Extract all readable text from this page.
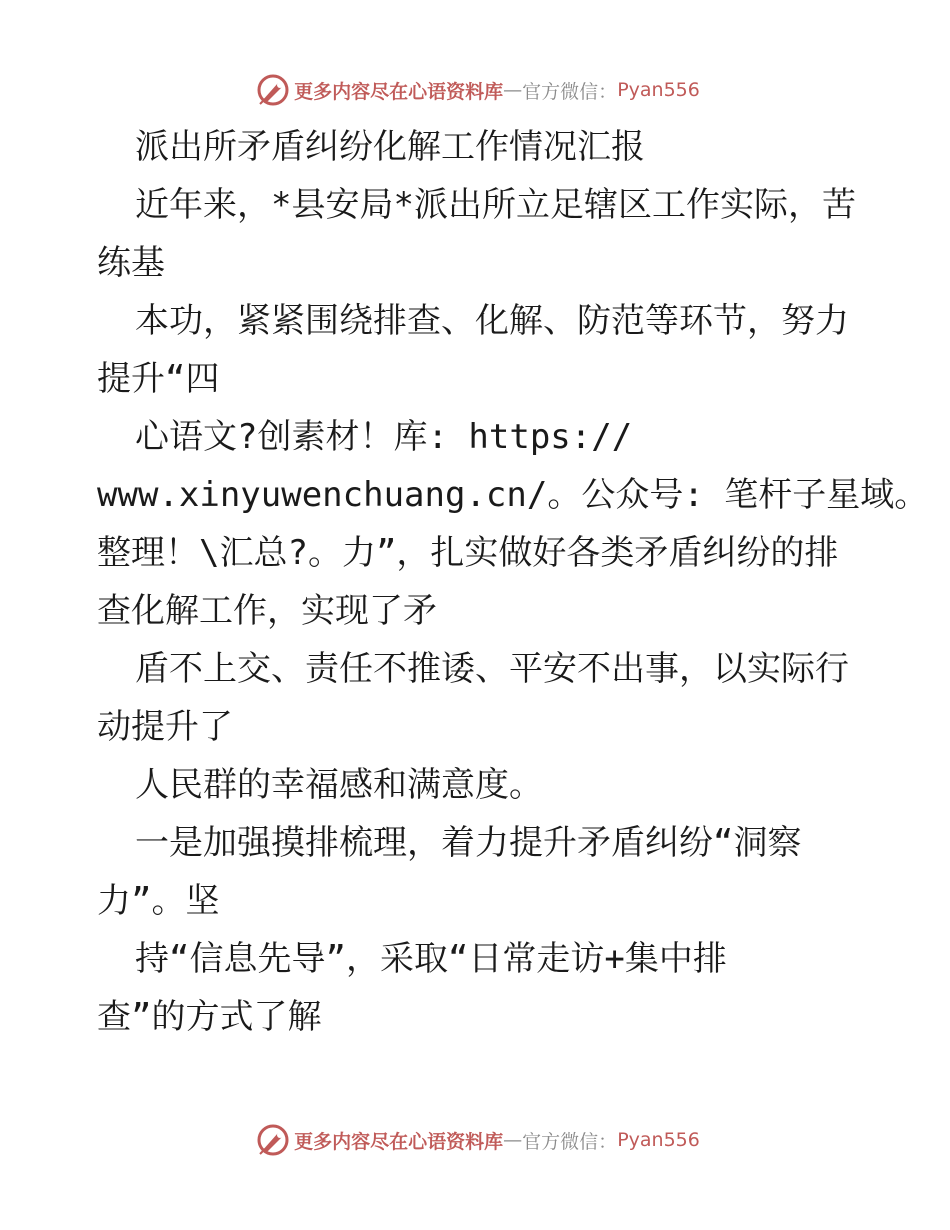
更多内容尽在心语资料库 — 官方微信： Pyan556
派出所矛盾纠纷化解工作情况汇报
近年来，*县安局*派出所立足辖区工作实际，苦
练基
本功，紧紧围绕排查、化解、防范等环节，努力
提升“四
心语文?创素材！库: https://
www.xinyuwenchuang.cn/。公众号: 笔杆子星域。
整理！\汇总?。力”，扎实做好各类矛盾纠纷的排
查化解工作，实现了矛
盾不上交、责任不推诿、平安不出事，以实际行
动提升了
人民群的幸福感和满意度。
一是加强摸排梳理，着力提升矛盾纠纷“洞察
力”。坚
持“信息先导”，采取“日常走访+集中排
查”的方式了解
更多内容尽在心语资料库 — 官方微信： Pyan556
